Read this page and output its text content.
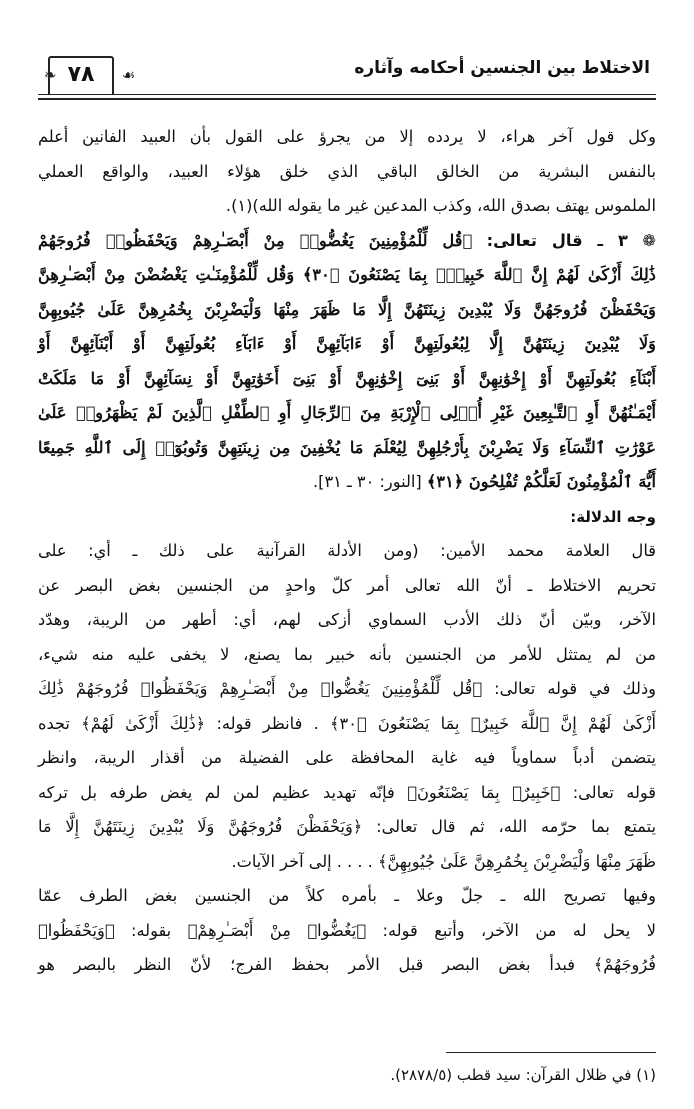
الاختلاط بين الجنسين أحكامه وآثاره
٧٨
❧	☙

وكل قول آخر هراء، لا يردده إلا من يجرؤ على القول بأن العبيد الفانين أعلم
بالنفس البشرية من الخالق الباقي الذي خلق هؤلاء العبيد، والواقع العملي
الملموس يهتف بصدق الله، وكذب المدعين غير ما يقوله الله)(١).

❁ ٣ ـ قال تعالى: ﴿قُل لِّلْمُؤْمِنِينَ يَغُضُّوا۟ مِنْ أَبْصَـٰرِهِمْ وَيَحْفَظُوا۟ فُرُوجَهُمْ
ذَٰلِكَ أَزْكَىٰ لَهُمْ إِنَّ ٱللَّهَ خَبِيرٌۢ بِمَا يَصْنَعُونَ ﴿٣٠﴾ وَقُل لِّلْمُؤْمِنَـٰتِ يَغْضُضْنَ مِنْ أَبْصَـٰرِهِنَّ
وَيَحْفَظْنَ فُرُوجَهُنَّ وَلَا يُبْدِينَ زِينَتَهُنَّ إِلَّا مَا ظَهَرَ مِنْهَا وَلْيَضْرِبْنَ بِخُمُرِهِنَّ عَلَىٰ جُيُوبِهِنَّ
وَلَا يُبْدِينَ زِينَتَهُنَّ إِلَّا لِبُعُولَتِهِنَّ أَوْ ءَابَآئِهِنَّ أَوْ ءَابَآءِ بُعُولَتِهِنَّ أَوْ أَبْنَآئِهِنَّ أَوْ
أَبْنَآءِ بُعُولَتِهِنَّ أَوْ إِخْوَٰنِهِنَّ أَوْ بَنِىٓ إِخْوَٰنِهِنَّ أَوْ بَنِىٓ أَخَوَٰتِهِنَّ أَوْ نِسَآئِهِنَّ أَوْ مَا مَلَكَتْ
أَيْمَـٰنُهُنَّ أَوِ ٱلتَّـٰبِعِينَ غَيْرِ أُو۟لِى ٱلْإِرْبَةِ مِنَ ٱلرِّجَالِ أَوِ ٱلطِّفْلِ ٱلَّذِينَ لَمْ يَظْهَرُوا۟ عَلَىٰ
عَوْرَٰتِ ٱلنِّسَآءِ وَلَا يَضْرِبْنَ بِأَرْجُلِهِنَّ لِيُعْلَمَ مَا يُخْفِينَ مِن زِينَتِهِنَّ وَتُوبُوٓا۟ إِلَى ٱللَّهِ جَمِيعًا
أَيُّهَ ٱلْمُؤْمِنُونَ لَعَلَّكُمْ تُفْلِحُونَ ﴿٣١﴾ [النور: ٣٠ ـ ٣١].

وجه الدلالة:

قال العلامة محمد الأمين: (ومن الأدلة القرآنية على ذلك ـ أي: على
تحريم الاختلاط ـ أنّ الله تعالى أمر كلّ واحدٍ من الجنسين بغض البصر عن
الآخر، وبيّن أنّ ذلك الأدب السماوي أزكى لهم، أي: أطهر من الريبة، وهدّد
من لم يمتثل للأمر من الجنسين بأنه خبير بما يصنع، لا يخفى عليه منه شيء،
وذلك في قوله تعالى: ﴿قُل لِّلْمُؤْمِنِينَ يَغُضُّوا۟ مِنْ أَبْصَـٰرِهِمْ وَيَحْفَظُوا۟ فُرُوجَهُمْ ذَٰلِكَ
أَزْكَىٰ لَهُمْ إِنَّ ٱللَّهَ خَبِيرٌۢ بِمَا يَصْنَعُونَ ﴿٣٠﴾ . فانظر قوله: ﴿ذَٰلِكَ أَزْكَىٰ لَهُمْ﴾ تجده
يتضمن أدباً سماوياً فيه غاية المحافظة على الفضيلة من أقذار الريبة، وانظر
قوله تعالى: ﴿خَبِيرٌۢ بِمَا يَصْنَعُونَ﴾ فإنّه تهديد عظيم لمن لم يغض طرفه بل تركه
يتمتع بما حرّمه الله، ثم قال تعالى: ﴿وَيَحْفَظْنَ فُرُوجَهُنَّ وَلَا يُبْدِينَ زِينَتَهُنَّ إِلَّا مَا
ظَهَرَ مِنْهَا وَلْيَضْرِبْنَ بِخُمُرِهِنَّ عَلَىٰ جُيُوبِهِنَّ﴾ . . . . إلى آخر الآيات.

وفيها تصريح الله ـ جلّ وعلا ـ بأمره كلاً من الجنسين بغض الطرف عمّا
لا يحل له من الآخر، وأتبع قوله: ﴿يَغُضُّوا۟ مِنْ أَبْصَـٰرِهِمْ﴾ بقوله: ﴿وَيَحْفَظُوا۟
فُرُوجَهُمْ﴾ فبدأ بغض البصر قبل الأمر بحفظ الفرج؛ لأنّ النظر بالبصر هو

(١) في ظلال القرآن: سيد قطب (٢٨٧٨/٥).
